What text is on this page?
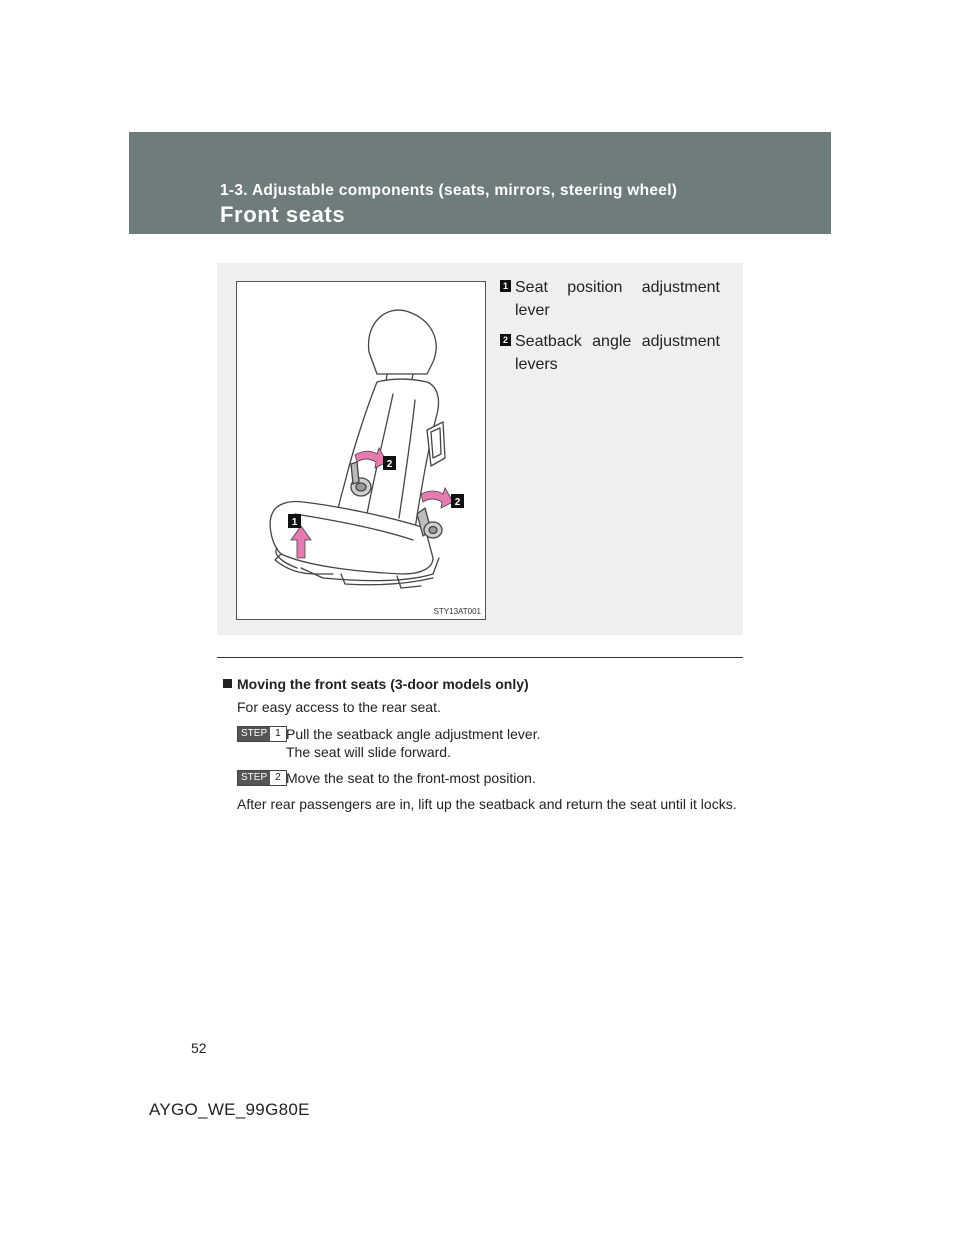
1-3. Adjustable components (seats, mirrors, steering wheel)
Front seats
2
2
1
STY13AT001
1 Seat position adjustment lever
2 Seatback angle adjustment levers
Moving the front seats (3-door models only)
For easy access to the rear seat.
STEP 1 Pull the seatback angle adjustment lever.
The seat will slide forward.
STEP 2 Move the seat to the front-most position.
After rear passengers are in, lift up the seatback and return the seat until it locks.
52
AYGO_WE_99G80E
